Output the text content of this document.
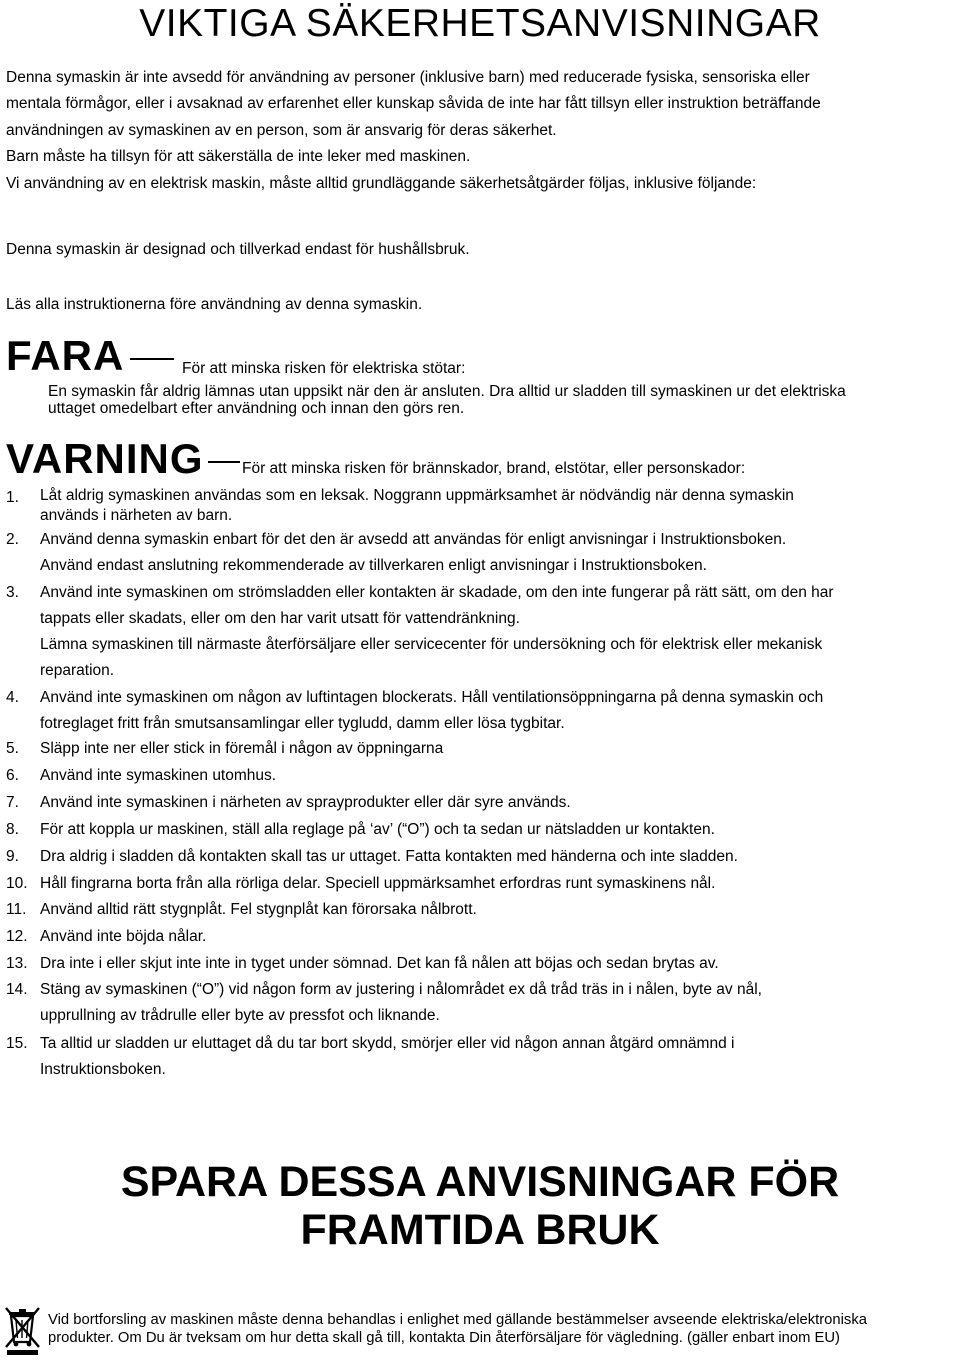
VIKTIGA SÄKERHETSANVISNINGAR
Denna symaskin är inte avsedd för användning av personer (inklusive barn) med reducerade fysiska, sensoriska eller
mentala förmågor, eller i avsaknad av erfarenhet eller kunskap såvida de inte har fått tillsyn eller instruktion beträffande
användningen av symaskinen av en person, som är ansvarig för deras säkerhet.
Barn måste ha tillsyn för att säkerställa de inte leker med maskinen.
Vi användning av en elektrisk maskin, måste alltid grundläggande säkerhetsåtgärder följas, inklusive följande:
Denna symaskin är designad och tillverkad endast för hushållsbruk.
Läs alla instruktionerna före användning av denna symaskin.
FARA	För att minska risken för elektriska stötar:
En symaskin får aldrig lämnas utan uppsikt när den är ansluten. Dra alltid ur sladden till symaskinen ur det elektriska
uttaget omedelbart efter användning och innan den görs ren.
VARNING	För att minska risken för brännskador, brand, elstötar, eller personskador:
1.	Låt aldrig symaskinen användas som en leksak. Noggrann uppmärksamhet är nödvändig när denna symaskin
används i närheten av barn.
2.	Använd denna symaskin enbart för det den är avsedd att användas för enligt anvisningar i Instruktionsboken.
Använd endast anslutning rekommenderade av tillverkaren enligt anvisningar i Instruktionsboken.
3.	Använd inte symaskinen om strömsladden eller kontakten är skadade, om den inte fungerar på rätt sätt, om den har
tappats eller skadats, eller om den har varit utsatt för vattendränkning.
Lämna symaskinen till närmaste återförsäljare eller servicecenter för undersökning och för elektrisk eller mekanisk
reparation.
4.	Använd inte symaskinen om någon av luftintagen blockerats. Håll ventilationsöppningarna på denna symaskin och
fotreglaget fritt från smutsansamlingar eller tygludd, damm eller lösa tygbitar.
5.	Släpp inte ner eller stick in föremål i någon av öppningarna
6.	Använd inte symaskinen utomhus.
7.	Använd inte symaskinen i närheten av sprayprodukter eller där syre används.
8.	För att koppla ur maskinen, ställ alla reglage på ‘av’ (“O”) och ta sedan ur nätsladden ur kontakten.
9.	Dra aldrig i sladden då kontakten skall tas ur uttaget. Fatta kontakten med händerna och inte sladden.
10. Håll fingrarna borta från alla rörliga delar. Speciell uppmärksamhet erfordras runt symaskinens nål.
11. Använd alltid rätt stygnplåt. Fel stygnplåt kan förorsaka nålbrott.
12. Använd inte böjda nålar.
13. Dra inte i eller skjut inte inte in tyget under sömnad. Det kan få nålen att böjas och sedan brytas av.
14. Stäng av symaskinen (“O”) vid någon form av justering i nålområdet ex då tråd träs in i nålen, byte av nål,
upprullning av trådrulle eller byte av pressfot och liknande.
15. Ta alltid ur sladden ur eluttaget då du tar bort skydd, smörjer eller vid någon annan åtgärd omnämnd i
Instruktionsboken.
SPARA DESSA ANVISNINGAR FÖR
FRAMTIDA BRUK
Vid bortforsling av maskinen måste denna behandlas i enlighet med gällande bestämmelser avseende elektriska/elektroniska
produkter. Om Du är tveksam om hur detta skall gå till, kontakta Din återförsäljare för vägledning. (gäller enbart inom EU)
